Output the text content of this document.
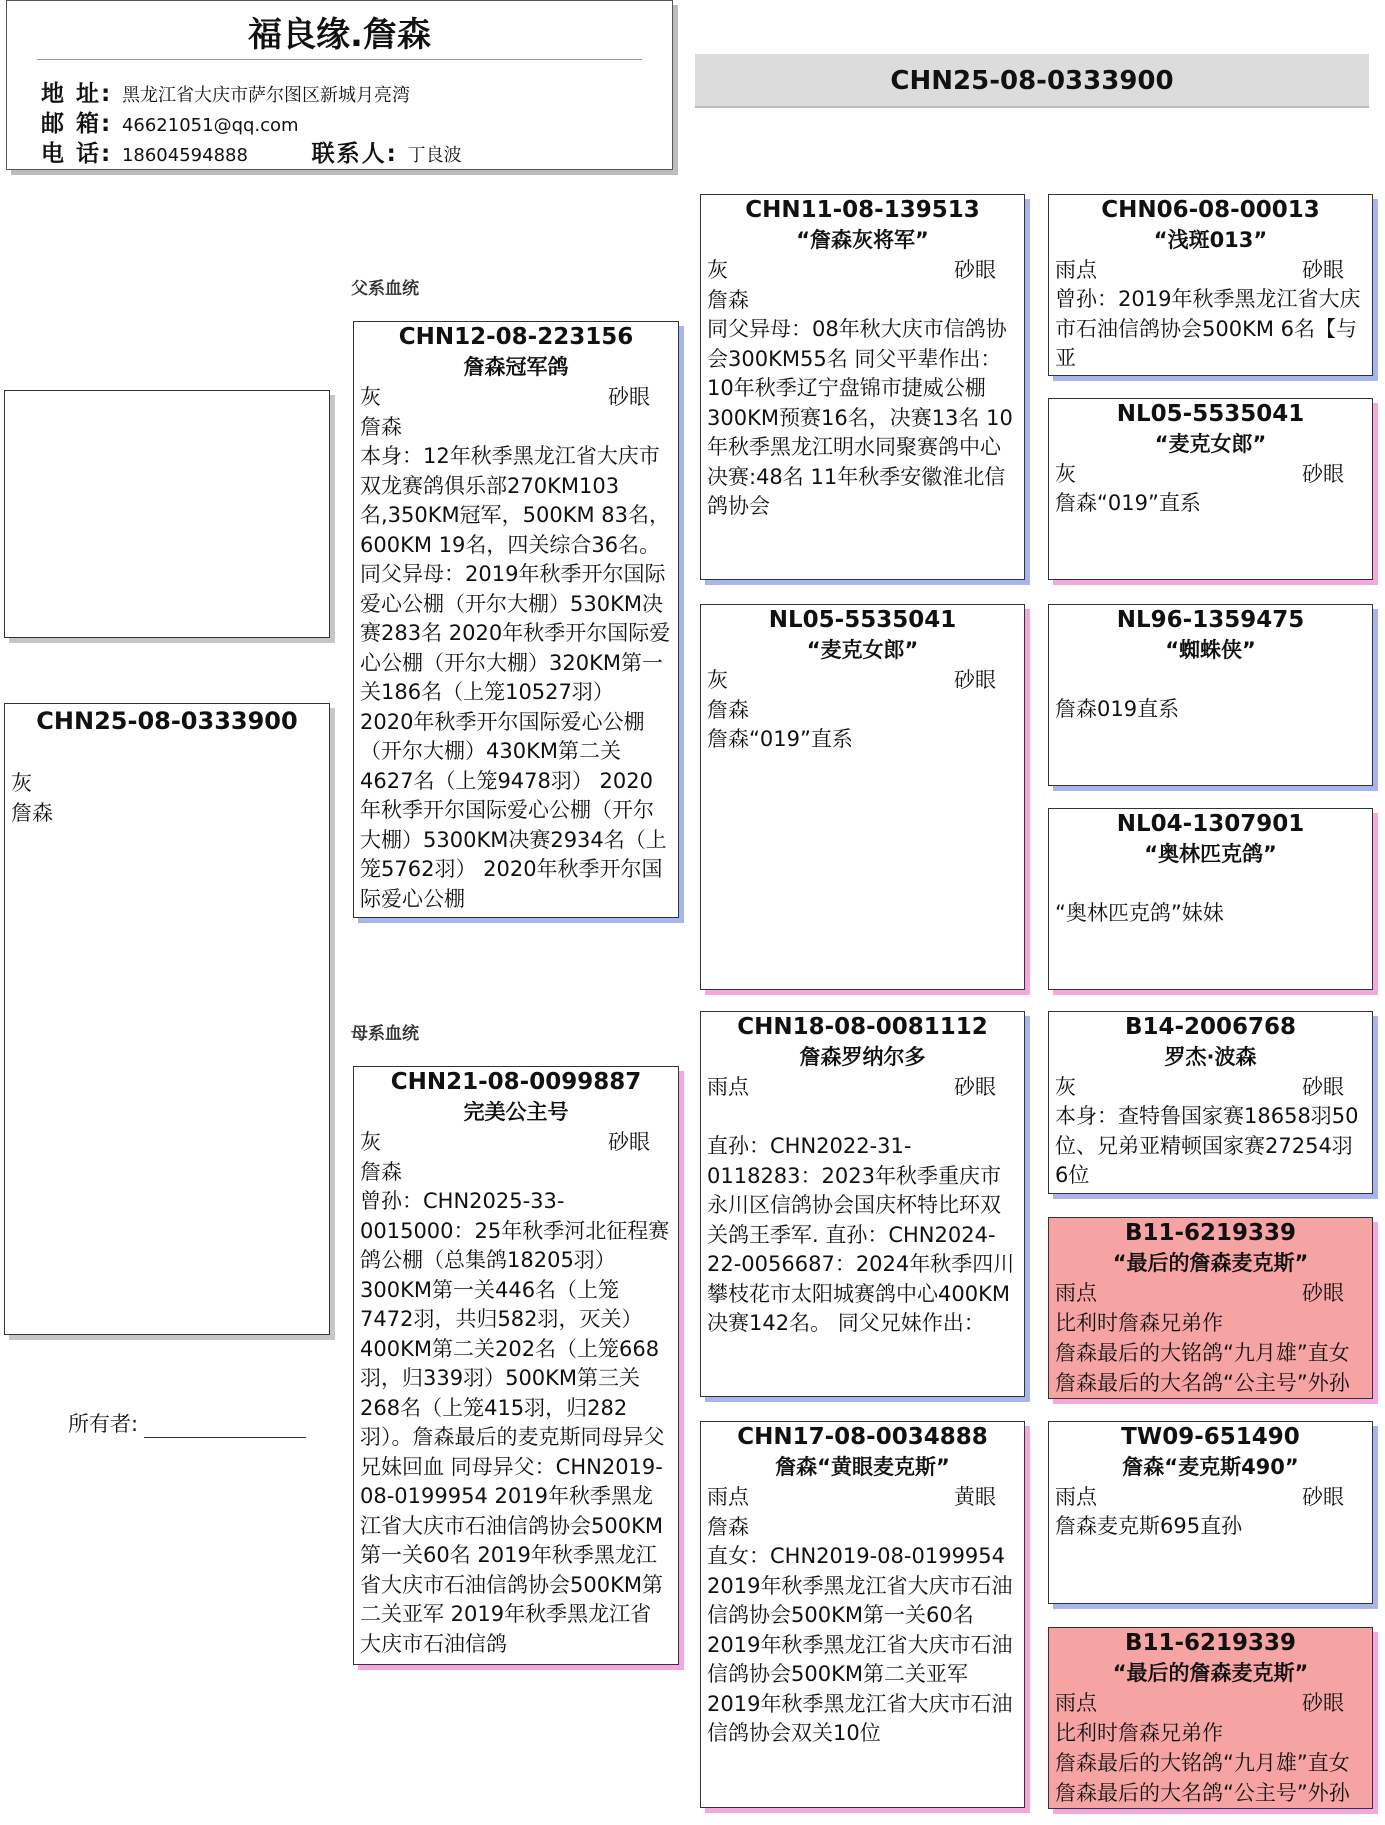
福良缘.詹森
地 址: 黑龙江省大庆市萨尔图区新城月亮湾
邮 箱: 46621051@qq.com
电 话: 18604594888	联系人: 丁良波
CHN25-08-0333900
CHN25-08-0333900
灰
詹森
所有者:
父系血统
母系血统
CHN12-08-223156
詹森冠军鸽
灰	砂眼
詹森
本身：12年秋季黑龙江省大庆市双龙赛鸽俱乐部270KM103名,350KM冠军，500KM 83名，600KM 19名，四关综合36名。同父异母：2019年秋季开尔国际爱心公棚（开尔大棚）530KM决赛283名 2020年秋季开尔国际爱心公棚（开尔大棚）320KM第一关186名（上笼10527羽） 2020年秋季开尔国际爱心公棚（开尔大棚）430KM第二关4627名（上笼9478羽） 2020年秋季开尔国际爱心公棚（开尔大棚）5300KM决赛2934名（上笼5762羽） 2020年秋季开尔国际爱心公棚
CHN21-08-0099887
完美公主号
灰	砂眼
詹森
曾孙：CHN2025-33-0015000：25年秋季河北征程赛鸽公棚（总集鸽18205羽）300KM第一关446名（上笼7472羽，共归582羽，灭关）400KM第二关202名（上笼668羽，归339羽）500KM第三关268名（上笼415羽，归282羽）。詹森最后的麦克斯同母异父兄妹回血 同母异父：CHN2019-08-0199954 2019年秋季黑龙江省大庆市石油信鸽协会500KM第一关60名 2019年秋季黑龙江省大庆市石油信鸽协会500KM第二关亚军 2019年秋季黑龙江省大庆市石油信鸽
CHN11-08-139513
“詹森灰将军”
灰	砂眼
詹森
同父异母：08年秋大庆市信鸽协会300KM55名 同父平辈作出：10年秋季辽宁盘锦市捷威公棚300KM预赛16名，决赛13名 10年秋季黑龙江明水同聚赛鸽中心决赛:48名 11年秋季安徽淮北信鸽协会
NL05-5535041
“麦克女郎”
灰	砂眼
詹森
詹森“019”直系
CHN18-08-0081112
詹森罗纳尔多
雨点	砂眼
直孙：CHN2022-31-0118283：2023年秋季重庆市永川区信鸽协会国庆杯特比环双关鸽王季军. 直孙：CHN2024-22-0056687：2024年秋季四川攀枝花市太阳城赛鸽中心400KM决赛142名。 同父兄妹作出：
CHN17-08-0034888
詹森“黄眼麦克斯”
雨点	黄眼
詹森
直女：CHN2019-08-0199954 2019年秋季黑龙江省大庆市石油信鸽协会500KM第一关60名 2019年秋季黑龙江省大庆市石油信鸽协会500KM第二关亚军 2019年秋季黑龙江省大庆市石油信鸽协会双关10位
CHN06-08-00013
“浅斑013”
雨点	砂眼
曾孙：2019年秋季黑龙江省大庆市石油信鸽协会500KM 6名【与亚
NL05-5535041
“麦克女郎”
灰	砂眼
詹森“019”直系
NL96-1359475
“蜘蛛侠”
詹森019直系
NL04-1307901
“奥林匹克鸽”
“奥林匹克鸽”妹妹
B14-2006768
罗杰·波森
灰	砂眼
本身：查特鲁国家赛18658羽50位、兄弟亚精顿国家赛27254羽6位
B11-6219339
“最后的詹森麦克斯”
雨点	砂眼
比利时詹森兄弟作
詹森最后的大铭鸽“九月雄”直女
詹森最后的大名鸽“公主号”外孙
TW09-651490
詹森“麦克斯490”
雨点	砂眼
詹森麦克斯695直孙
B11-6219339
“最后的詹森麦克斯”
雨点	砂眼
比利时詹森兄弟作
詹森最后的大铭鸽“九月雄”直女
詹森最后的大名鸽“公主号”外孙
